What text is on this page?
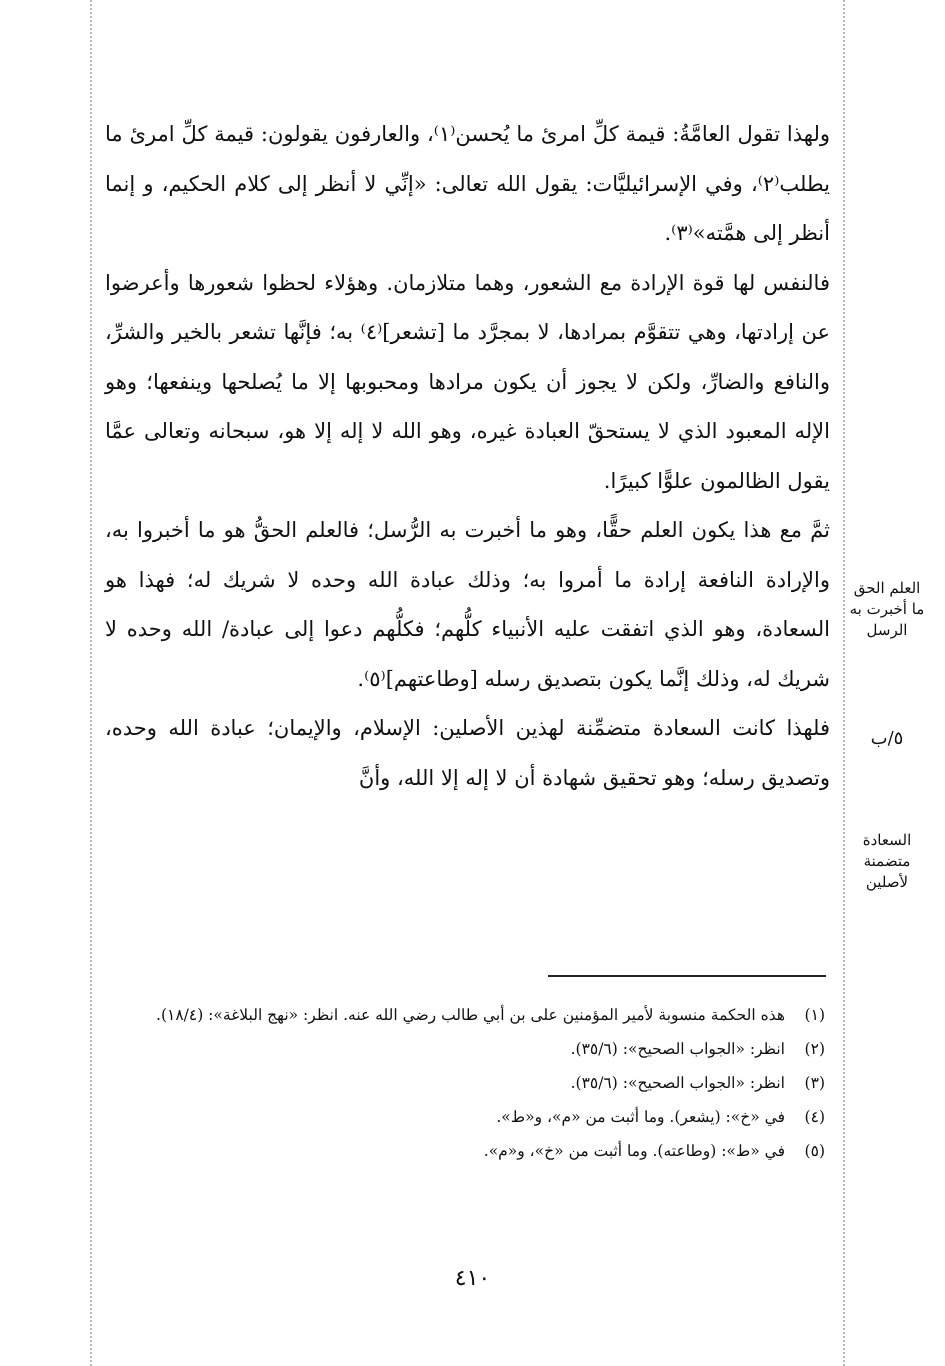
ولهذا تقول العامَّةُ: قيمة كلِّ امرئ ما يُحسن⁽١⁾، والعارفون يقولون: قيمة كلِّ امرئ ما يطلب⁽٢⁾، وفي الإسرائيليَّات: يقول الله تعالى: «إنِّي لا أنظر إلى كلام الحكيم، و إنما أنظر إلى همَّته»⁽٣⁾.

فالنفس لها قوة الإرادة مع الشعور، وهما متلازمان. وهؤلاء لحظوا شعورها وأعرضوا عن إرادتها، وهي تتقوَّم بمرادها، لا بمجرَّد ما [تشعر]⁽٤⁾ به؛ فإنَّها تشعر بالخير والشرِّ، والنافع والضارِّ، ولكن لا يجوز أن يكون مرادها ومحبوبها إلا ما يُصلحها وينفعها؛ وهو الإله المعبود الذي لا يستحقّ العبادة غيره، وهو الله لا إله إلا هو، سبحانه وتعالى عمَّا يقول الظالمون علوًّا كبيرًا.

ثمَّ مع هذا يكون العلم حقًّا، وهو ما أخبرت به الرُّسل؛ فالعلم الحقُّ هو ما أخبروا به، والإرادة النافعة إرادة ما أمروا به؛ وذلك عبادة الله وحده لا شريك له؛ فهذا هو السعادة، وهو الذي اتفقت عليه الأنبياء كلُّهم؛ فكلُّهم دعوا إلى عبادة/ الله وحده لا شريك له، وذلك إنَّما يكون بتصديق رسله [وطاعتهم]⁽٥⁾.

فلهذا كانت السعادة متضمِّنة لهذين الأصلين: الإسلام، والإيمان؛ عبادة الله وحده، وتصديق رسله؛ وهو تحقيق شهادة أن لا إله إلا الله، وأنَّ

العلم الحق ما أخبرت به الرسل
٥/ب
السعادة متضمنة لأصلين
(١)
هذه الحكمة منسوبة لأمير المؤمنين على بن أبي طالب رضي الله عنه. انظر: «نهج البلاغة»: (١٨/٤).
(٢)
انظر: «الجواب الصحيح»: (٣٥/٦).
(٣)
انظر: «الجواب الصحيح»: (٣٥/٦).
(٤)
في «خ»: (يشعر). وما أثبت من «م»، و«ط».
(٥)
في «ط»: (وطاعته). وما أثبت من «خ»، و«م».
٤١٠
